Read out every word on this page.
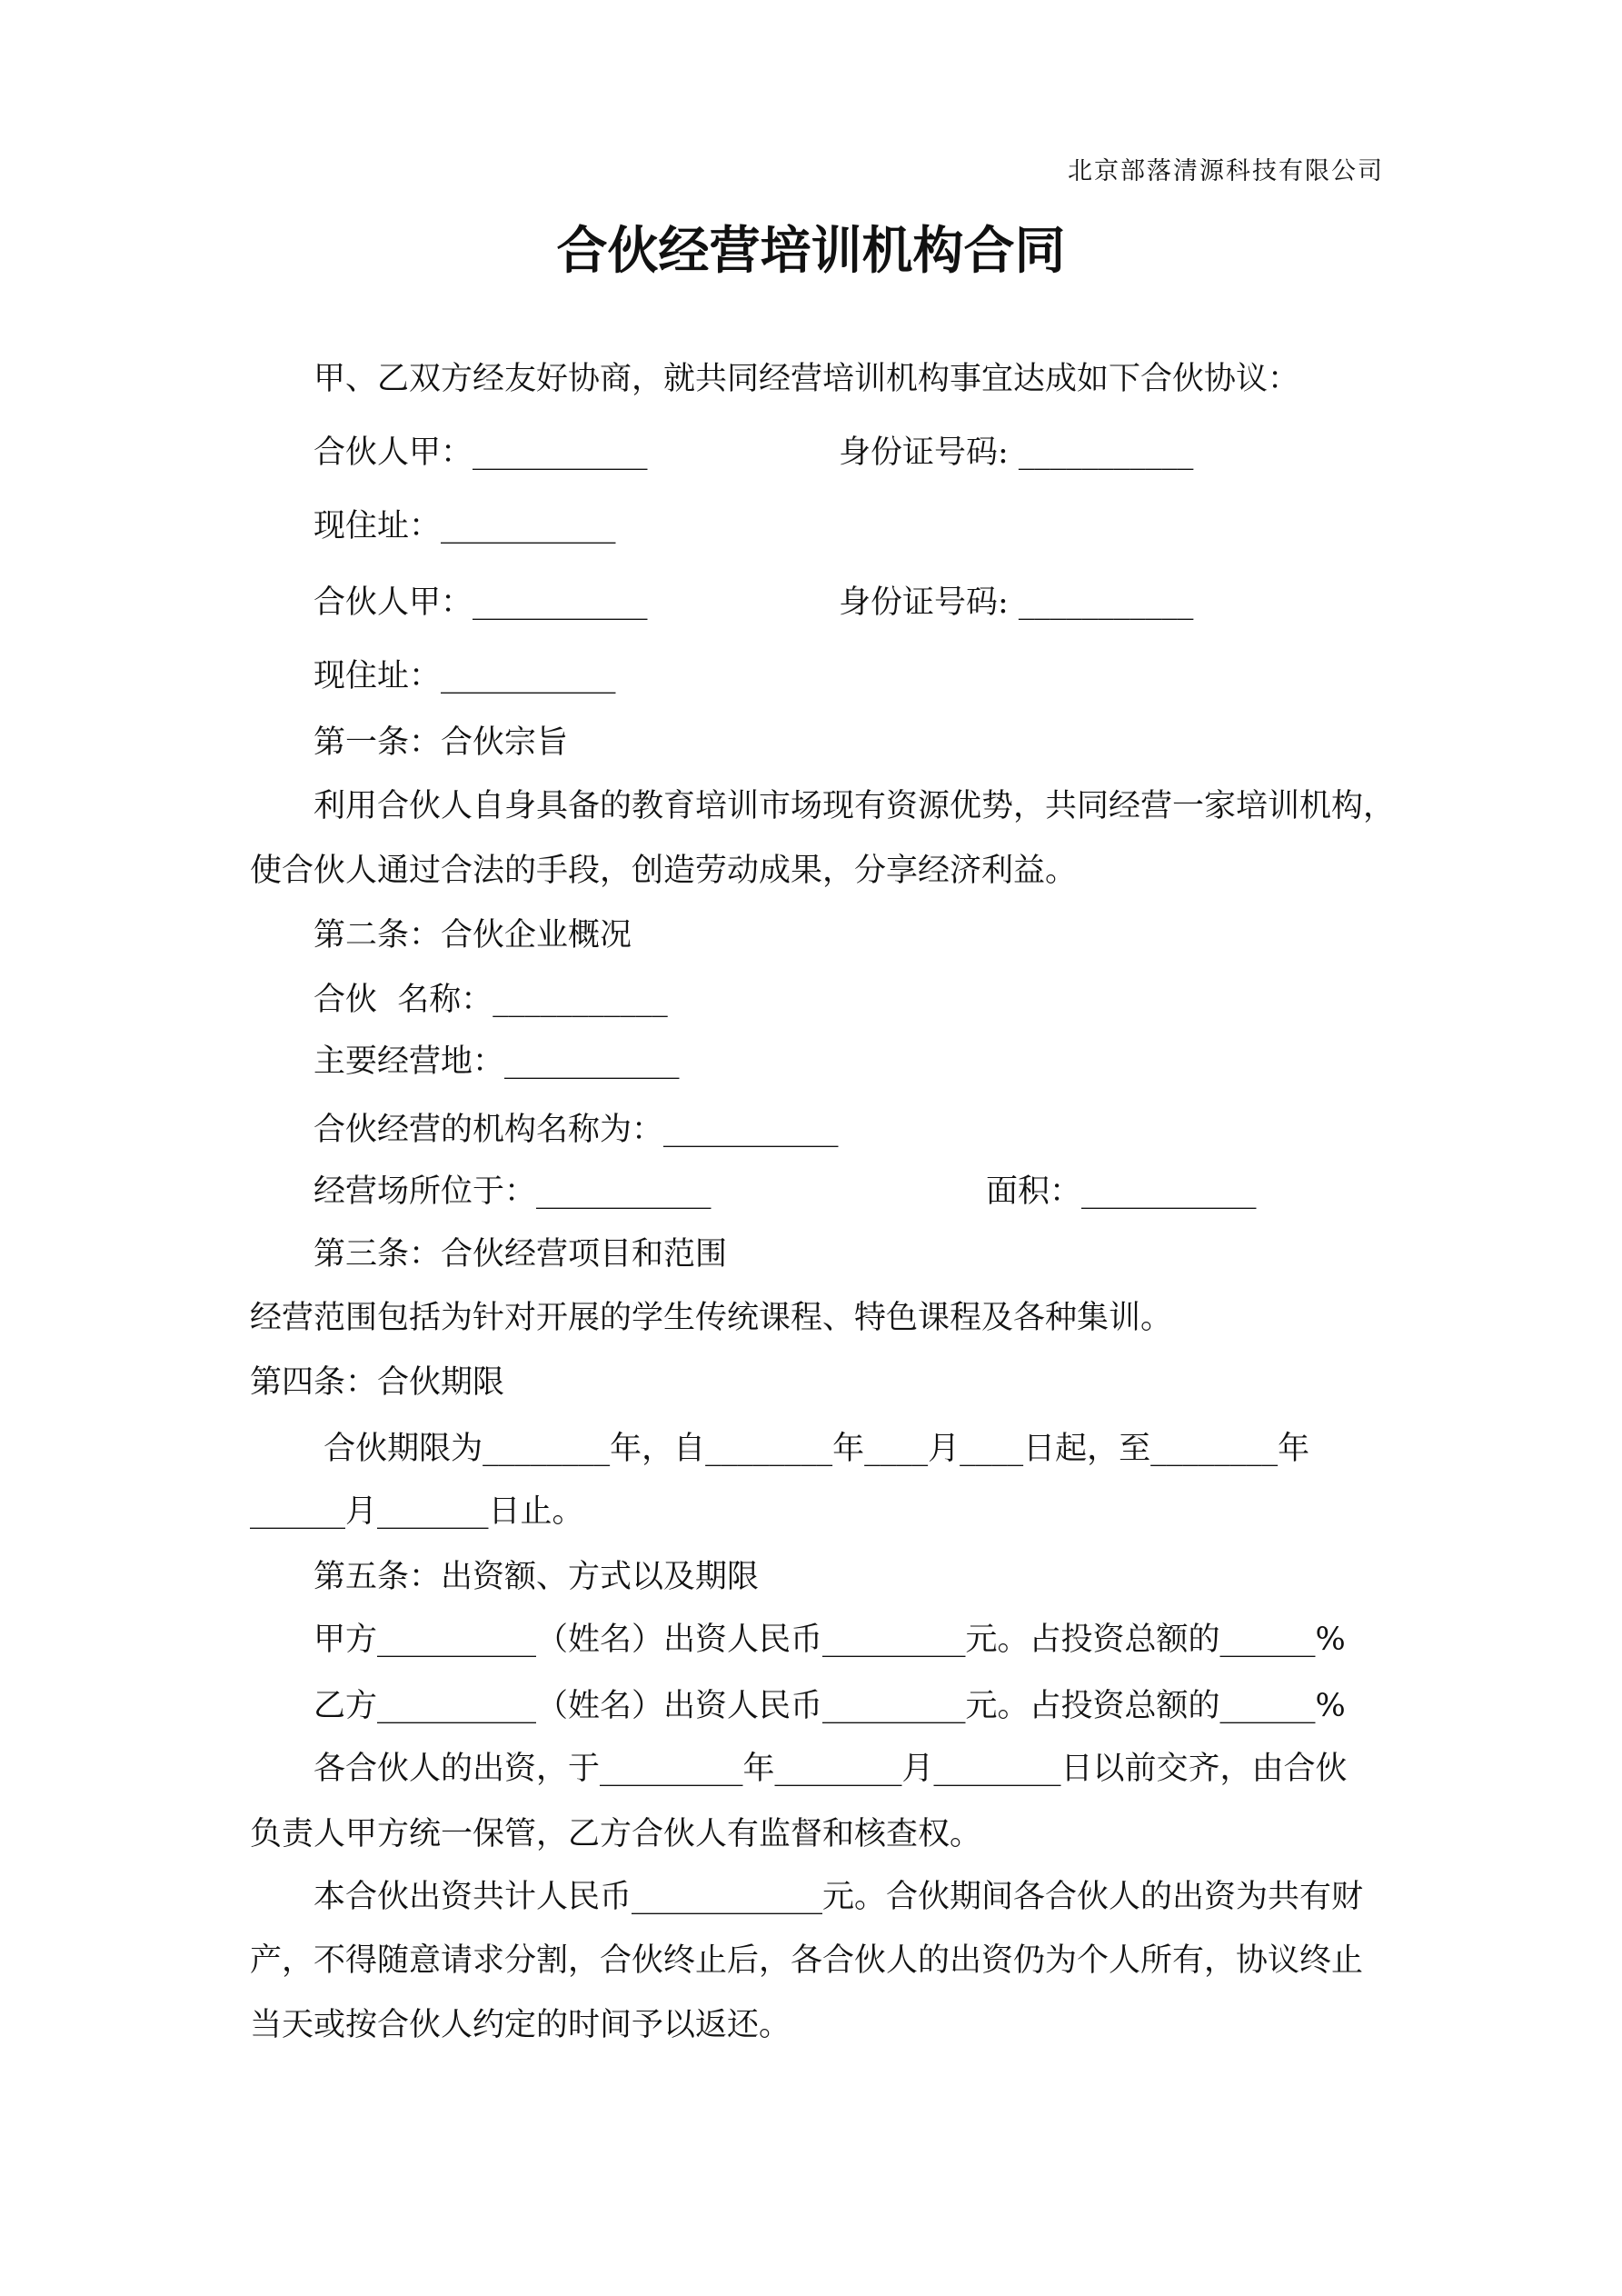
北京部落清源科技有限公司
合伙经营培训机构合同
甲、乙双方经友好协商，就共同经营培训机构事宜达成如下合伙协议：
合伙人甲：___________	身份证号码: ___________
现住址：___________
合伙人甲：___________	身份证号码: ___________
现住址：___________
第一条：合伙宗旨
利用合伙人自身具备的教育培训市场现有资源优势，共同经营一家培训机构，
使合伙人通过合法的手段，创造劳动成果，分享经济利益。
第二条：合伙企业概况
合伙  名称：___________
主要经营地：___________
合伙经营的机构名称为：___________
经营场所位于：___________	面积：___________
第三条：合伙经营项目和范围
经营范围包括为针对开展的学生传统课程、特色课程及各种集训。
第四条：合伙期限
合伙期限为________年，自________年____月____日起，至________年
______月_______日止。
第五条：出资额、方式以及期限
甲方__________（姓名）出资人民币_________元。占投资总额的______%
乙方__________（姓名）出资人民币_________元。占投资总额的______%
各合伙人的出资，于_________年________月________日以前交齐，由合伙
负责人甲方统一保管，乙方合伙人有监督和核查权。
本合伙出资共计人民币____________元。合伙期间各合伙人的出资为共有财
产，不得随意请求分割，合伙终止后，各合伙人的出资仍为个人所有，协议终止
当天或按合伙人约定的时间予以返还。
